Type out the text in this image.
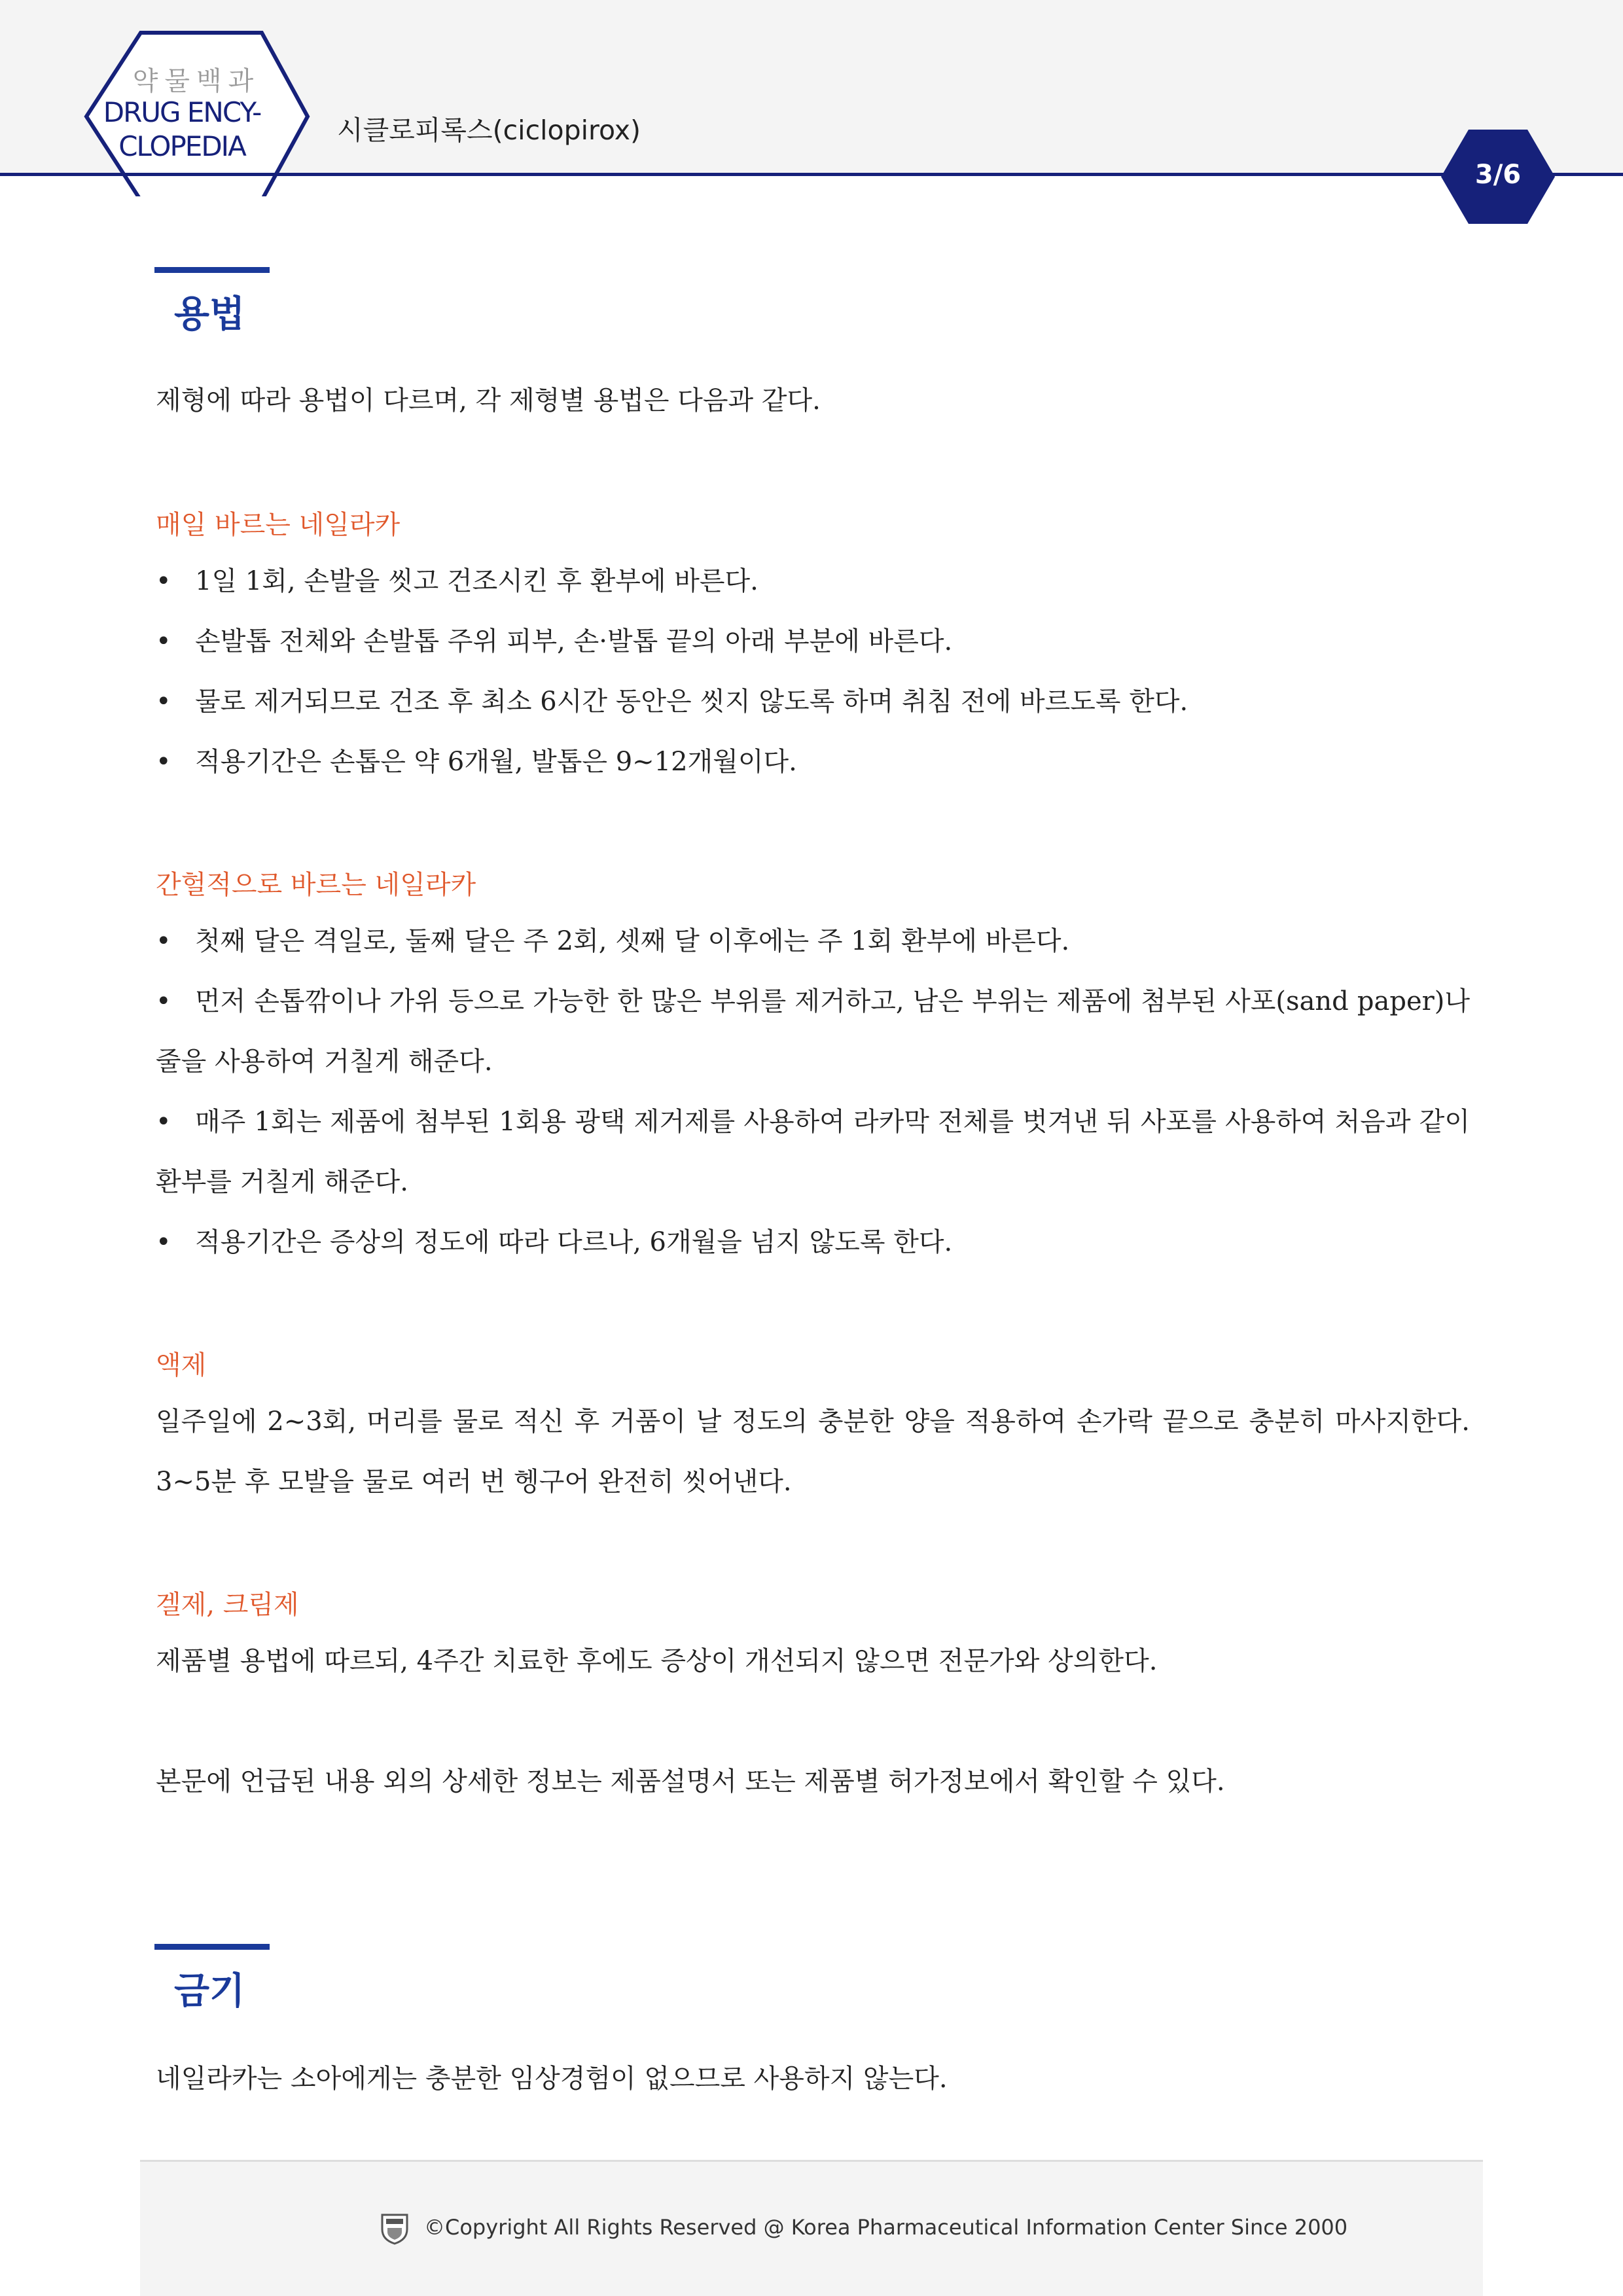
약물백과
DRUG ENCY-
CLOPEDIA	시클로피록스(ciclopirox)
3/6
용법
제형에 따라 용법이 다르며, 각 제형별 용법은 다음과 같다.
매일 바르는 네일라카
• 1일 1회, 손발을 씻고 건조시킨 후 환부에 바른다.
• 손발톱 전체와 손발톱 주위 피부, 손·발톱 끝의 아래 부분에 바른다.
• 물로 제거되므로 건조 후 최소 6시간 동안은 씻지 않도록 하며 취침 전에 바르도록 한다.
• 적용기간은 손톱은 약 6개월, 발톱은 9~12개월이다.
간헐적으로 바르는 네일라카
• 첫째 달은 격일로, 둘째 달은 주 2회, 셋째 달 이후에는 주 1회 환부에 바른다.
• 먼저 손톱깎이나 가위 등으로 가능한 한 많은 부위를 제거하고, 남은 부위는 제품에 첨부된 사포(sand paper)나 줄을 사용하여 거칠게 해준다.
• 매주 1회는 제품에 첨부된 1회용 광택 제거제를 사용하여 라카막 전체를 벗겨낸 뒤 사포를 사용하여 처음과 같이 환부를 거칠게 해준다.
• 적용기간은 증상의 정도에 따라 다르나, 6개월을 넘지 않도록 한다.
액제
일주일에 2~3회, 머리를 물로 적신 후 거품이 날 정도의 충분한 양을 적용하여 손가락 끝으로 충분히 마사지한다. 3~5분 후 모발을 물로 여러 번 헹구어 완전히 씻어낸다.
겔제, 크림제
제품별 용법에 따르되, 4주간 치료한 후에도 증상이 개선되지 않으면 전문가와 상의한다.
본문에 언급된 내용 외의 상세한 정보는 제품설명서 또는 제품별 허가정보에서 확인할 수 있다.
금기
네일라카는 소아에게는 충분한 임상경험이 없으므로 사용하지 않는다.
©Copyright All Rights Reserved @ Korea Pharmaceutical Information Center Since 2000
